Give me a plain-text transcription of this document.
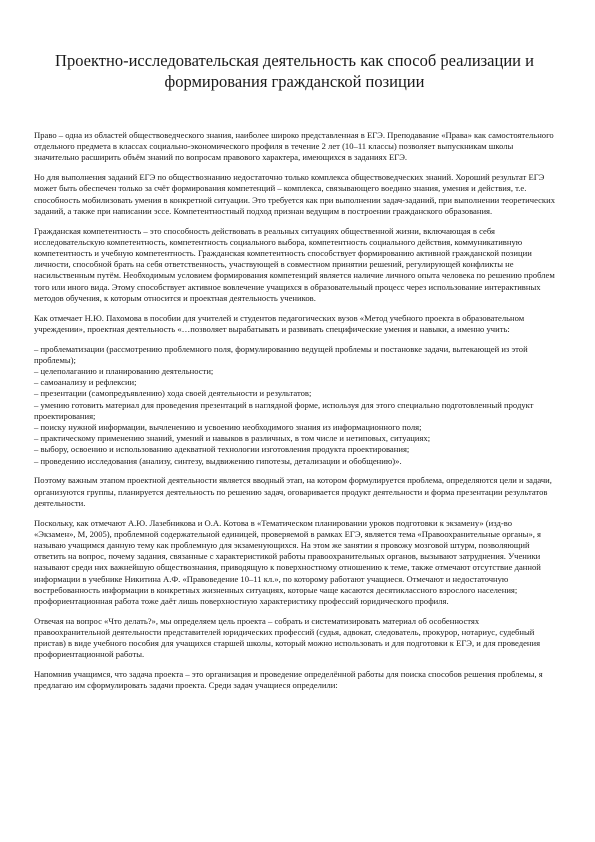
Проектно-исследовательская деятельность как способ реализации и формирования гражданской позиции

Право – одна из областей обществоведческого знания, наиболее широко представленная в ЕГЭ. Преподавание «Права» как самостоятельного отдельного предмета в классах социально-экономического профиля в течение 2 лет (10–11 классы) позволяет выпускникам школы значительно расширить объём знаний по вопросам правового характера, имеющихся в заданиях ЕГЭ.

Но для выполнения заданий ЕГЭ по обществознанию недостаточно только комплекса обществоведческих знаний. Хороший результат ЕГЭ может быть обеспечен только за счёт формирования компетенций – комплекса, связывающего воедино знания, умения и действия, т.е. способность мобилизовать умения в конкретной ситуации. Это требуется как при выполнении задач-заданий, при выполнении теоретических заданий, а также при написании эссе. Компетентностный подход признан ведущим в построении гражданского образования.

Гражданская компетентность – это способность действовать в реальных ситуациях общественной жизни, включающая в себя исследовательскую компетентность, компетентность социального выбора, компетентность социального действия, коммуникативную компетентность и учебную компетентность. Гражданская компетентность способствует формированию активной гражданской позиции личности, способной брать на себя ответственность, участвующей в совместном принятии решений, регулирующей конфликты не насильственным путём. Необходимым условием формирования компетенций является наличие личного опыта человека по решению проблем того или иного вида. Этому способствует активное вовлечение учащихся в образовательный процесс через использование интерактивных методов обучения, к которым относится и проектная деятельность учеников.

Как отмечает Н.Ю. Пахомова в пособии для учителей и студентов педагогических вузов «Метод учебного проекта в образовательном учреждении», проектная деятельность «…позволяет вырабатывать и развивать специфические умения и навыки, а именно учить:

– проблематизации (рассмотрению проблемного поля, формулированию ведущей проблемы и постановке задачи, вытекающей из этой проблемы);
– целеполаганию и планированию деятельности;
– самоанализу и рефлексии;
– презентации (самопредъявлению) хода своей деятельности и результатов;
– умению готовить материал для проведения презентаций в наглядной форме, используя для этого специально подготовленный продукт проектирования;
– поиску нужной информации, вычленению и усвоению необходимого знания из информационного поля;
– практическому применению знаний, умений и навыков в различных, в том числе и нетиповых, ситуациях;
– выбору, освоению и использованию адекватной технологии изготовления продукта проектирования;
– проведению исследования (анализу, синтезу, выдвижению гипотезы, детализации и обобщению)».

Поэтому важным этапом проектной деятельности является вводный этап, на котором формулируется проблема, определяются цели и задачи, организуются группы, планируется деятельность по решению задач, оговаривается продукт деятельности и форма презентации результатов деятельности.

Поскольку, как отмечают А.Ю. Лазебникова и О.А. Котова в «Тематическом планировании уроков подготовки к экзамену» (изд-во «Экзамен», М, 2005), проблемной содержательной единицей, проверяемой в рамках ЕГЭ, является тема «Правоохранительные органы», я называю учащимся данную тему как проблемную для экзаменующихся. На этом же занятии я провожу мозговой штурм, позволяющий ответить на вопрос, почему задания, связанные с характеристикой работы правоохранительных органов, вызывают затруднения. Ученики называют среди них важнейшую обществознания, приводящую к поверхностному отношению к теме, также отмечают отсутствие данной информации в учебнике Никитина А.Ф. «Правоведение 10–11 кл.», по которому работают учащиеся. Отмечают и недостаточную востребованность информации в конкретных жизненных ситуациях, которые чаще касаются десятиклассного взрослого населения; профориентационная работа тоже даёт лишь поверхностную характеристику профессий юридического профиля.

Отвечая на вопрос «Что делать?», мы определяем цель проекта – собрать и систематизировать материал об особенностях правоохранительной деятельности представителей юридических профессий (судья, адвокат, следователь, прокурор, нотариус, судебный пристав) в виде учебного пособия для учащихся старшей школы, который можно использовать и для подготовки к ЕГЭ, и для проведения профориентационной работы.

Напомнив учащимся, что задача проекта – это организация и проведение определённой работы для поиска способов решения проблемы, я предлагаю им сформулировать задачи проекта. Среди задач учащиеся определили:
